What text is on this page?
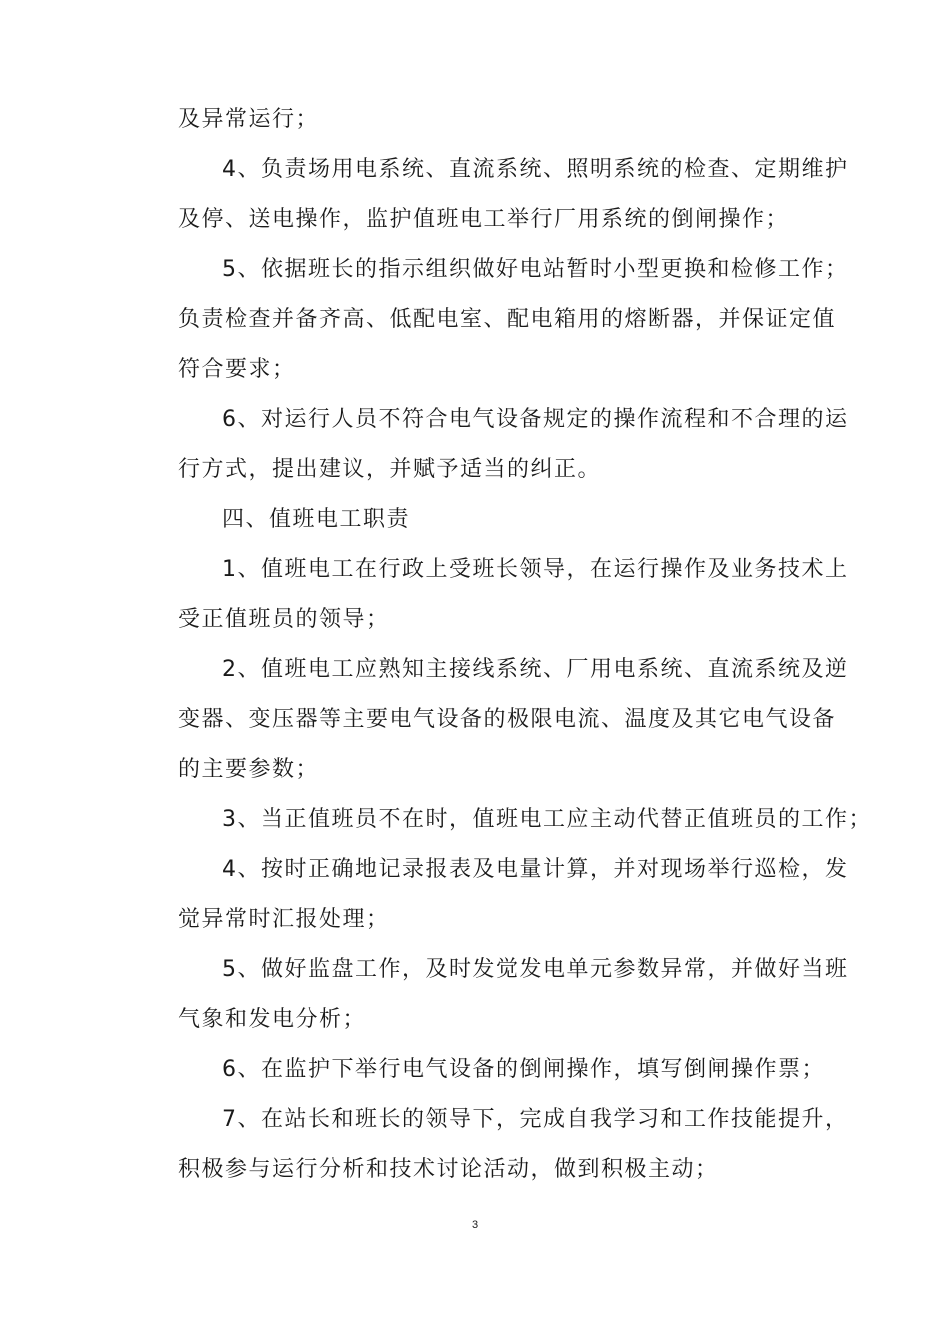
及异常运行；
4、负责场用电系统、直流系统、照明系统的检查、定期维护
及停、送电操作，监护值班电工举行厂用系统的倒闸操作；
5、依据班长的指示组织做好电站暂时小型更换和检修工作；
负责检查并备齐高、低配电室、配电箱用的熔断器，并保证定值
符合要求；
6、对运行人员不符合电气设备规定的操作流程和不合理的运
行方式，提出建议，并赋予适当的纠正。
四、值班电工职责
1、值班电工在行政上受班长领导，在运行操作及业务技术上
受正值班员的领导；
2、值班电工应熟知主接线系统、厂用电系统、直流系统及逆
变器、变压器等主要电气设备的极限电流、温度及其它电气设备
的主要参数；
3、当正值班员不在时，值班电工应主动代替正值班员的工作；
4、按时正确地记录报表及电量计算，并对现场举行巡检，发
觉异常时汇报处理；
5、做好监盘工作，及时发觉发电单元参数异常，并做好当班
气象和发电分析；
6、在监护下举行电气设备的倒闸操作，填写倒闸操作票；
7、在站长和班长的领导下，完成自我学习和工作技能提升，
积极参与运行分析和技术讨论活动，做到积极主动；
3
